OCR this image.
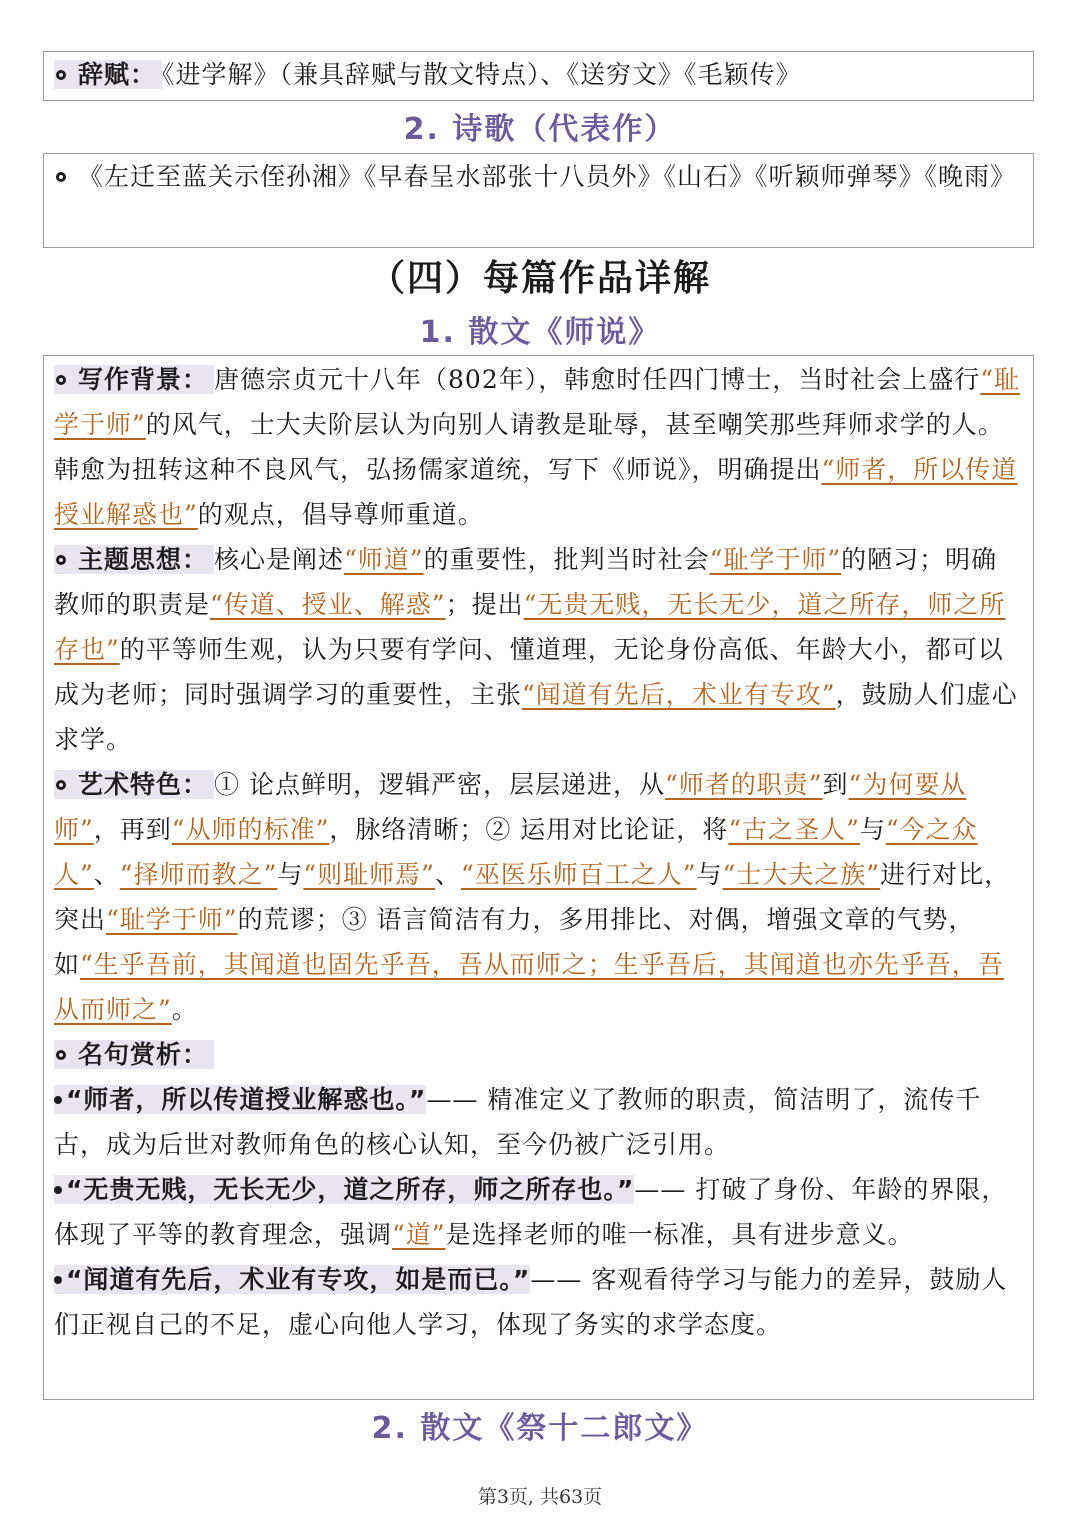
辞赋： 《进学解》（兼具辞赋与散文特点）、《送穷文》《毛颖传》
2. 诗歌（代表作）
《左迁至蓝关示侄孙湘》《早春呈水部张十八员外》《山石》《听颖师弹琴》《晚雨》
（四）每篇作品详解
1. 散文《师说》
写作背景： 唐德宗贞元十八年（802年），韩愈时任四门博士，当时社会上盛行“耻学于师”的风气，士大夫阶层认为向别人请教是耻辱，甚至嘲笑那些拜师求学的人。韩愈为扭转这种不良风气，弘扬儒家道统，写下《师说》，明确提出“师者，所以传道授业解惑也”的观点，倡导尊师重道。
主题思想： 核心是阐述“师道”的重要性，批判当时社会“耻学于师”的陋习；明确教师的职责是“传道、授业、解惑”；提出“无贵无贱，无长无少，道之所存，师之所存也”的平等师生观，认为只要有学问、懂道理，无论身份高低、年龄大小，都可以成为老师；同时强调学习的重要性，主张“闻道有先后，术业有专攻”，鼓励人们虚心求学。
艺术特色： ① 论点鲜明，逻辑严密，层层递进，从“师者的职责”到“为何要从师”，再到“从师的标准”，脉络清晰；② 运用对比论证，将“古之圣人”与“今之众人”、“择师而教之”与“则耻师焉”、“巫医乐师百工之人”与“士大夫之族”进行对比，突出“耻学于师”的荒谬；③ 语言简洁有力，多用排比、对偶，增强文章的气势，如“生乎吾前，其闻道也固先乎吾，吾从而师之；生乎吾后，其闻道也亦先乎吾，吾从而师之”。
名句赏析：
“师者，所以传道授业解惑也。”—— 精准定义了教师的职责，简洁明了，流传千古，成为后世对教师角色的核心认知，至今仍被广泛引用。
“无贵无贱，无长无少，道之所存，师之所存也。”—— 打破了身份、年龄的界限，体现了平等的教育理念，强调“道”是选择老师的唯一标准，具有进步意义。
“闻道有先后，术业有专攻，如是而已。”—— 客观看待学习与能力的差异，鼓励人们正视自己的不足，虚心向他人学习，体现了务实的求学态度。
2. 散文《祭十二郎文》
第3页, 共63页
